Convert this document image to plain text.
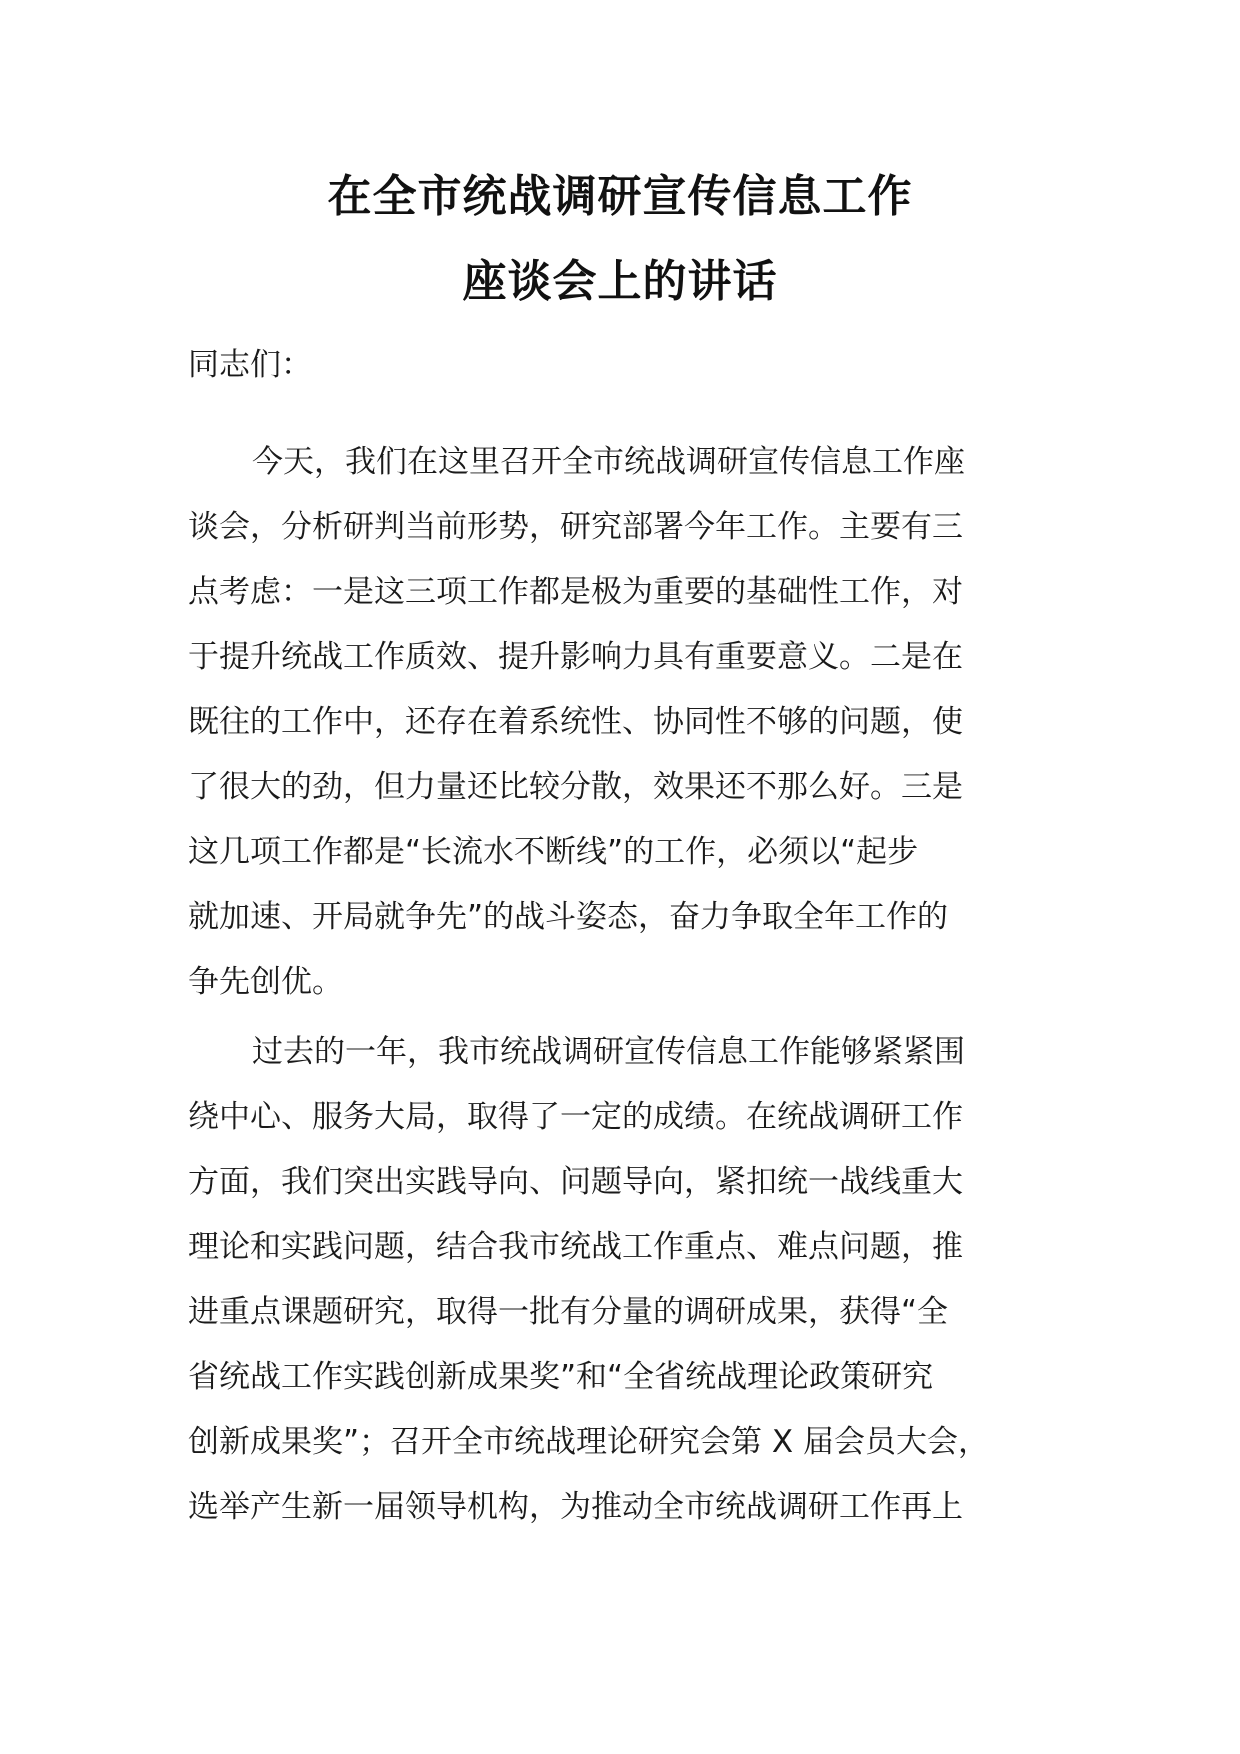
在全市统战调研宣传信息工作
座谈会上的讲话

同志们：

今天，我们在这里召开全市统战调研宣传信息工作座
谈会，分析研判当前形势，研究部署今年工作。主要有三
点考虑：一是这三项工作都是极为重要的基础性工作，对
于提升统战工作质效、提升影响力具有重要意义。二是在
既往的工作中，还存在着系统性、协同性不够的问题，使
了很大的劲，但力量还比较分散，效果还不那么好。三是
这几项工作都是“长流水不断线”的工作，必须以“起步
就加速、开局就争先”的战斗姿态，奋力争取全年工作的
争先创优。
过去的一年，我市统战调研宣传信息工作能够紧紧围
绕中心、服务大局，取得了一定的成绩。在统战调研工作
方面，我们突出实践导向、问题导向，紧扣统一战线重大
理论和实践问题，结合我市统战工作重点、难点问题，推
进重点课题研究，取得一批有分量的调研成果，获得“全
省统战工作实践创新成果奖”和“全省统战理论政策研究
创新成果奖”；召开全市统战理论研究会第 X 届会员大会，
选举产生新一届领导机构，为推动全市统战调研工作再上
